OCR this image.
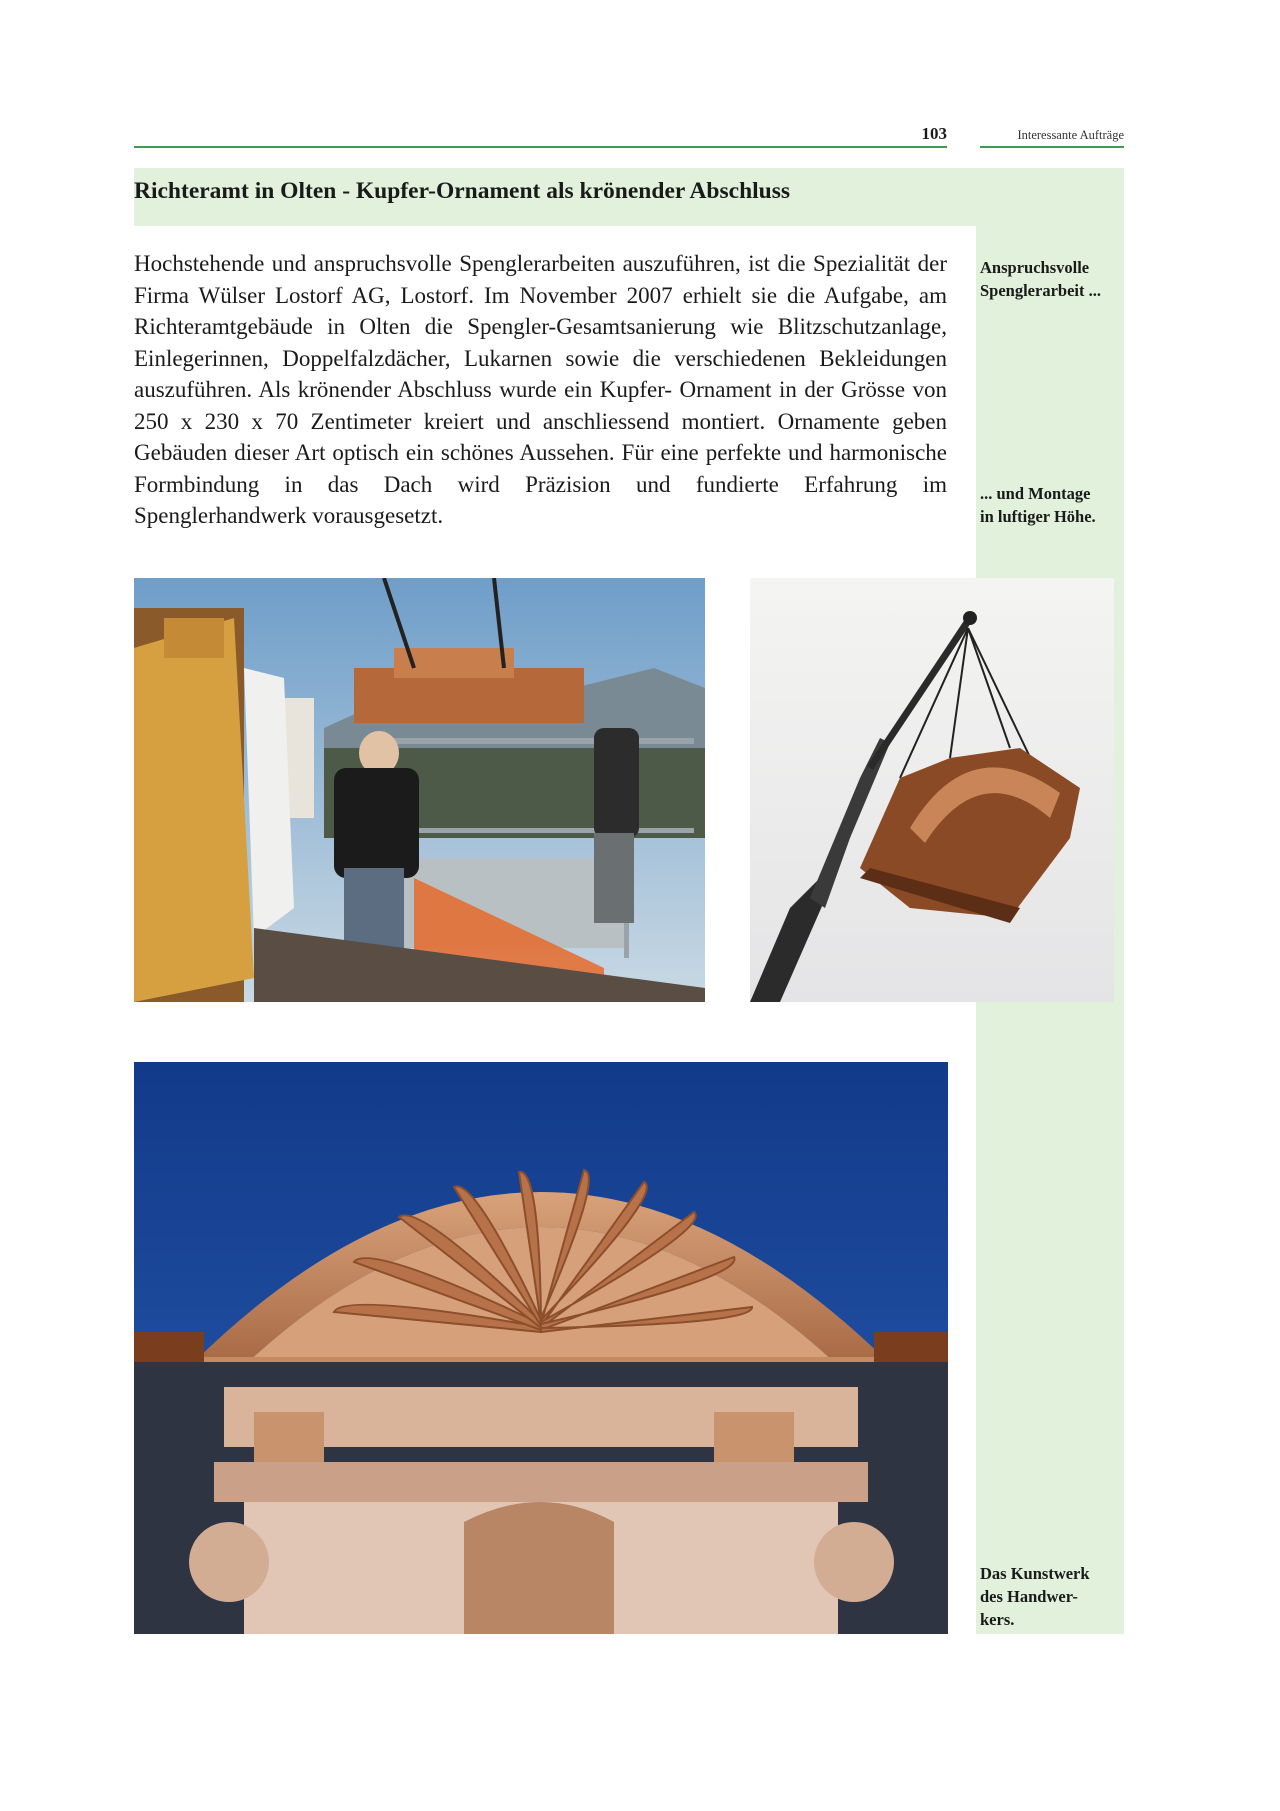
103	Interessante Aufträge
Richteramt in Olten - Kupfer-Ornament als krönender Abschluss

Hochstehende und anspruchsvolle Spenglerarbeiten auszuführen, ist die Spezialität der Firma Wülser Lostorf AG, Lostorf. Im November 2007 erhielt sie die Aufgabe, am Richteramtgebäude in Olten die Spengler-Gesamtsanierung wie Blitzschutzanlage, Einlegerinnen, Doppelfalzdächer, Lukarnen sowie die verschiedenen Bekleidungen auszuführen. Als krönender Abschluss wurde ein Kupfer- Ornament in der Grösse von 250 x 230 x 70 Zentimeter kreiert und anschliessend montiert. Ornamente geben Gebäuden dieser Art optisch ein schönes Aussehen. Für eine perfekte und harmonische Formbindung in das Dach wird Präzision und fundierte Erfahrung im Spenglerhandwerk vorausgesetzt.

Anspruchsvolle
Spenglerarbeit ...
... und Montage
in luftiger Höhe.
Das Kunstwerk
des Handwer-
kers.
